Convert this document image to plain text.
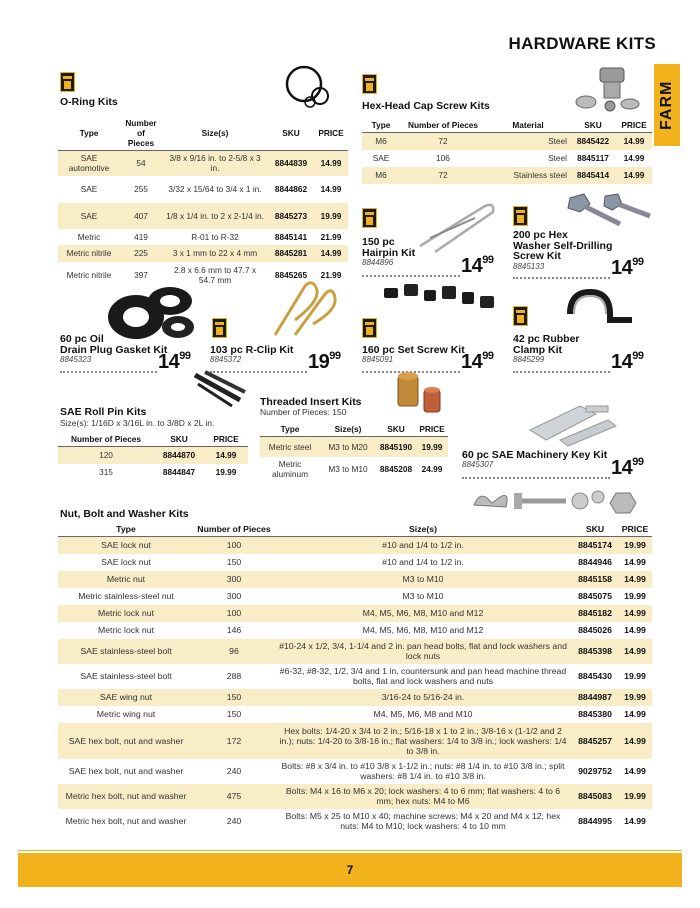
HARDWARE KITS
FARM
O-Ring Kits
Type	Number of Pieces	Size(s)	SKU	PRICE
SAE automotive	54	3/8 x 9/16 in. to 2-5/8 x 3 in.	8844839	14.99
SAE	255	3/32 x 15/64 to 3/4 x 1 in.	8844862	14.99
SAE	407	1/8 x 1/4 in. to 2 x 2-1/4 in.	8845273	19.99
Metric	419	R-01 to R-32	8845141	21.99
Metric nitrile	225	3 x 1 mm to 22 x 4 mm	8845281	14.99
Metric nitrile	397	2.8 x 6.6 mm to 47.7 x 54.7 mm	8845265	21.99
Hex-Head Cap Screw Kits
Type	Number of Pieces	Material	SKU	PRICE
M6	72	Steel	8845422	14.99
SAE	106	Steel	8845117	14.99
M6	72	Stainless steel	8845414	14.99
150 pc
Hairpin Kit
8844896	$14^{99}$
200 pc Hex
Washer Self-Drilling
Screw Kit
8845133	$14^{99}$
60 pc Oil
Drain Plug Gasket Kit
8845323	$14^{99}$ 103 pc R-Clip Kit
8845372	$19^{99}$ 160 pc Set Screw Kit
8845091	$14^{99}$
42 pc Rubber
Clamp Kit
8845299	$14^{99}$
SAE Roll Pin Kits
Size(s): 1/16D x 3/16L in. to 3/8D x 2L in.
Number of Pieces	SKU	PRICE
120	8844870	14.99
315	8844847	19.99
Threaded Insert Kits
Number of Pieces: 150
Type	Size(s)	SKU	PRICE
Metric steel	M3 to M20	8845190	19.99
Metric aluminum	M3 to M10	8845208	24.99
60 pc SAE Machinery Key Kit
8845307	$14^{99}$
Nut, Bolt and Washer Kits
Type	Number of Pieces	Size(s)	SKU	PRICE
SAE lock nut	100	#10 and 1/4 to 1/2 in.	8845174	19.99
SAE lock nut	150	#10 and 1/4 to 1/2 in.	8844946	14.99
Metric nut	300	M3 to M10	8845158	14.99
Metric stainless-steel nut	300	M3 to M10	8845075	19.99
Metric lock nut	100	M4, M5, M6, M8, M10 and M12	8845182	14.99
Metric lock nut	146	M4, M5, M6, M8, M10 and M12	8845026	14.99
SAE stainless-steel bolt	96	#10-24 x 1/2, 3/4, 1-1/4 and 2 in. pan head bolts, flat and lock washers and lock nuts	8845398	14.99
SAE stainless-steel bolt	288	#6-32, #8-32, 1/2, 3/4 and 1 in. countersunk and pan head machine thread bolts, flat and lock washers and nuts	8845430	19.99
SAE wing nut	150	3/16-24 to 5/16-24 in.	8844987	19.99
Metric wing nut	150	M4, M5, M6, M8 and M10	8845380	14.99
SAE hex bolt, nut and washer	172	Hex bolts: 1/4-20 x 3/4 to 2 in.; 5/16-18 x 1 to 2 in.; 3/8-16 x (1-1/2 and 2 in.); nuts: 1/4-20 to 3/8-16 in.; flat washers: 1/4 to 3/8 in.; lock washers: 1/4 to 3/8 in.	8845257	14.99
SAE hex bolt, nut and washer	240	Bolts: #8 x 3/4 in. to #10 3/8 x 1-1/2 in.; nuts: #8 1/4 in. to #10 3/8 in.; split washers: #8 1/4 in. to #10 3/8 in.	9029752	14.99
Metric hex bolt, nut and washer	475	Bolts: M4 x 16 to M6 x 20; lock washers: 4 to 6 mm; flat washers: 4 to 6 mm; hex nuts: M4 to M6	8845083	19.99
Metric hex bolt, nut and washer	240	Bolts: M5 x 25 to M10 x 40; machine screws: M4 x 20 and M4 x 12; hex nuts: M4 to M10; lock washers: 4 to 10 mm	8844995	14.99
7
